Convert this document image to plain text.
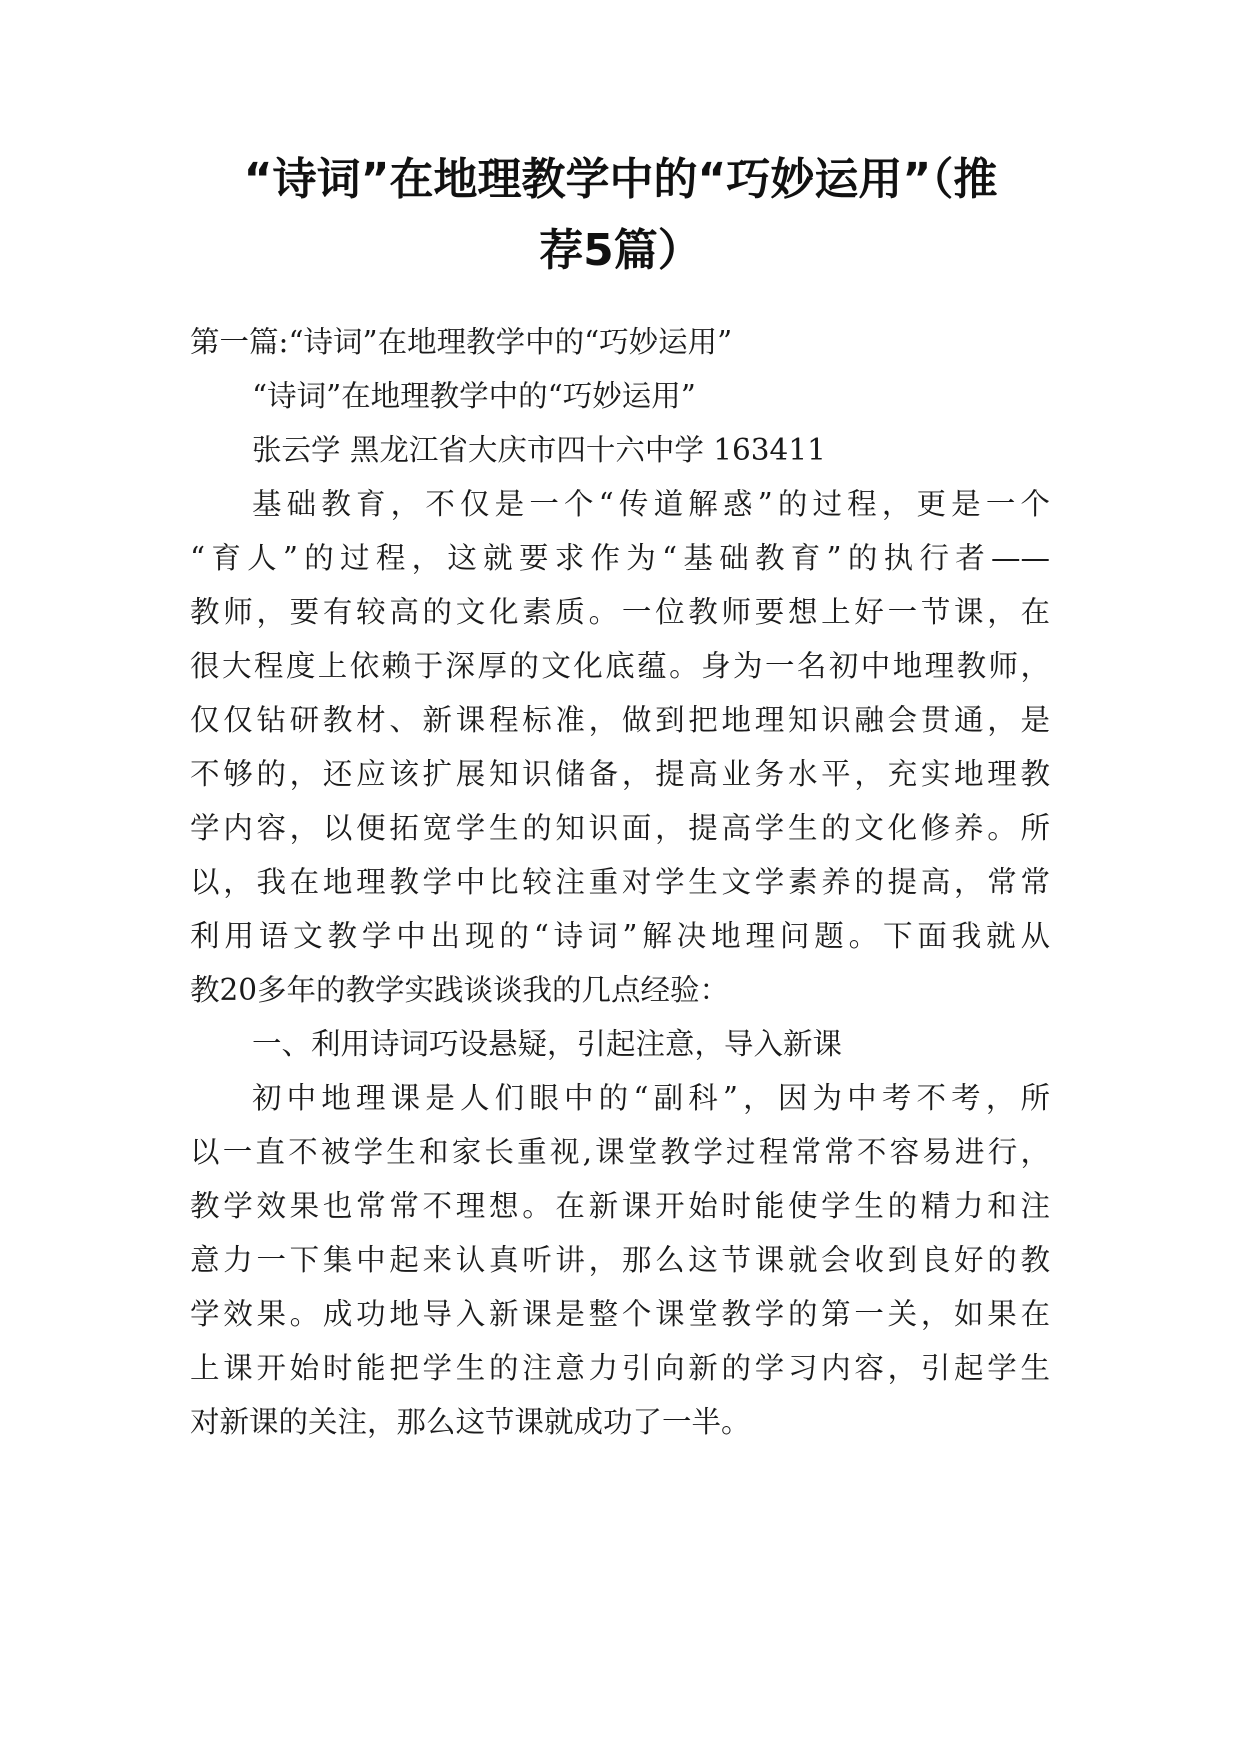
“诗词”在地理教学中的“巧妙运用”（推
荐5篇）

第一篇:“诗词”在地理教学中的“巧妙运用”

“诗词”在地理教学中的“巧妙运用”

张云学 黑龙江省大庆市四十六中学 163411

基础教育，不仅是一个“传道解惑”的过程，更是一个

“育人”的过程，这就要求作为“基础教育”的执行者——

教师，要有较高的文化素质。一位教师要想上好一节课，在

很大程度上依赖于深厚的文化底蕴。身为一名初中地理教师，

仅仅钻研教材、新课程标准，做到把地理知识融会贯通，是

不够的，还应该扩展知识储备，提高业务水平，充实地理教

学内容，以便拓宽学生的知识面，提高学生的文化修养。所

以，我在地理教学中比较注重对学生文学素养的提高，常常

利用语文教学中出现的“诗词”解决地理问题。下面我就从

教20多年的教学实践谈谈我的几点经验：

一、利用诗词巧设悬疑，引起注意，导入新课

初中地理课是人们眼中的“副科”，因为中考不考，所

以一直不被学生和家长重视,课堂教学过程常常不容易进行，

教学效果也常常不理想。在新课开始时能使学生的精力和注

意力一下集中起来认真听讲，那么这节课就会收到良好的教

学效果。成功地导入新课是整个课堂教学的第一关，如果在

上课开始时能把学生的注意力引向新的学习内容，引起学生

对新课的关注，那么这节课就成功了一半。
